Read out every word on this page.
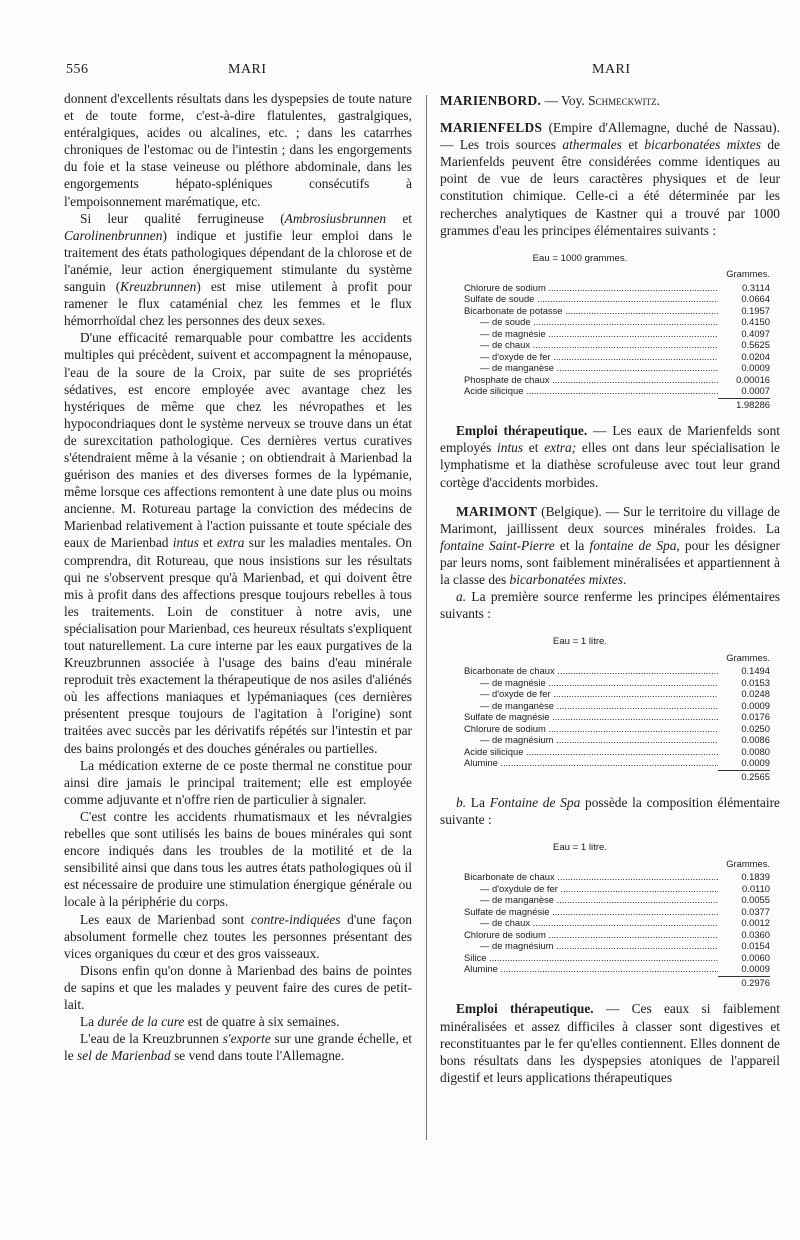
556	MARI	MARI

donnent d'excellents résultats dans les dyspepsies de toute nature et de toute forme, c'est-à-dire flatulentes, gastralgiques, entéralgiques, acides ou alcalines, etc. ; dans les catarrhes chroniques de l'estomac ou de l'intestin ; dans les engorgements du foie et la stase veineuse ou pléthore abdominale, dans les engorgements hépato-spléniques consécutifs à l'empoisonnement marématique, etc.

Si leur qualité ferrugineuse (Ambrosiusbrunnen et Carolinenbrunnen) indique et justifie leur emploi dans le traitement des états pathologiques dépendant de la chlorose et de l'anémie, leur action énergiquement stimulante du système sanguin (Kreuzbrunnen) est mise utilement à profit pour ramener le flux cataménial chez les femmes et le flux hémorrhoïdal chez les personnes des deux sexes.

D'une efficacité remarquable pour combattre les accidents multiples qui précèdent, suivent et accompagnent la ménopause, l'eau de la soure de la Croix, par suite de ses propriétés sédatives, est encore employée avec avantage chez les hystériques de même que chez les névropathes et les hypocondriaques dont le système nerveux se trouve dans un état de surexcitation pathologique. Ces dernières vertus curatives s'étendraient même à la vésanie ; on obtiendrait à Marienbad la guérison des manies et des diverses formes de la lypémanie, même lorsque ces affections remontent à une date plus ou moins ancienne. M. Rotureau partage la conviction des médecins de Marienbad relativement à l'action puissante et toute spéciale des eaux de Marienbad intus et extra sur les maladies mentales. On comprendra, dit Rotureau, que nous insistions sur les résultats qui ne s'observent presque qu'à Marienbad, et qui doivent être mis à profit dans des affections presque toujours rebelles à tous les traitements. Loin de constituer à notre avis, une spécialisation pour Marienbad, ces heureux résultats s'expliquent tout naturellement. La cure interne par les eaux purgatives de la Kreuzbrunnen associée à l'usage des bains d'eau minérale reproduit très exactement la thérapeutique de nos asiles d'aliénés où les affections maniaques et lypémaniaques (ces dernières présentent presque toujours de l'agitation à l'origine) sont traitées avec succès par les dérivatifs répétés sur l'intestin et par des bains prolongés et des douches générales ou partielles.

La médication externe de ce poste thermal ne constitue pour ainsi dire jamais le principal traitement; elle est employée comme adjuvante et n'offre rien de particulier à signaler.

C'est contre les accidents rhumatismaux et les névralgies rebelles que sont utilisés les bains de boues minérales qui sont encore indiqués dans les troubles de la motilité et de la sensibilité ainsi que dans tous les autres états pathologiques où il est nécessaire de produire une stimulation énergique générale ou locale à la périphérie du corps.

Les eaux de Marienbad sont contre-indiquées d'une façon absolument formelle chez toutes les personnes présentant des vices organiques du cœur et des gros vaisseaux.

Disons enfin qu'on donne à Marienbad des bains de pointes de sapins et que les malades y peuvent faire des cures de petit-lait.

La durée de la cure est de quatre à six semaines.

L'eau de la Kreuzbrunnen s'exporte sur une grande échelle, et le sel de Marienbad se vend dans toute l'Allemagne.

MARIENBORD. — Voy. Schmeckwitz.

MARIENFELDS (Empire d'Allemagne, duché de Nassau). — Les trois sources athermales et bicarbonatées mixtes de Marienfelds peuvent être considérées comme identiques au point de vue de leurs caractères physiques et de leur constitution chimique. Celle-ci a été déterminée par les recherches analytiques de Kastner qui a trouvé par 1000 grammes d'eau les principes élémentaires suivants :

Eau = 1000 grammes.
Grammes.
Chlorure de sodium .....	0.3114
Sulfate de soude .....	0.0664
Bicarbonate de potasse .....	0.1957
— de soude .....	0.4150
— de magnésie .....	0.4097
— de chaux .....	0.5625
— d'oxyde de fer .....	0.0204
— de manganèse .....	0.0009
Phosphate de chaux .....	0.00016
Acide silicique .....	0.0007
1.98286

Emploi thérapeutique. — Les eaux de Marienfelds sont employés intus et extra; elles ont dans leur spécialisation le lymphatisme et la diathèse scrofuleuse avec tout leur grand cortège d'accidents morbides.

MARIMONT (Belgique). — Sur le territoire du village de Marimont, jaillissent deux sources minérales froides. La fontaine Saint-Pierre et la fontaine de Spa, pour les désigner par leurs noms, sont faiblement minéralisées et appartiennent à la classe des bicarbonatées mixtes.

a. La première source renferme les principes élémentaires suivants :

Eau = 1 litre.
Grammes.
Bicarbonate de chaux .....	0.1494
— de magnésie .....	0.0153
— d'oxyde de fer .....	0.0248
— de manganèse .....	0.0009
Sulfate de magnésie .....	0.0176
Chlorure de sodium .....	0.0250
— de magnésium .....	0.0086
Acide silicique .....	0.0080
Alumine .....	0.0009
0.2565

b. La Fontaine de Spa possède la composition élémentaire suivante :

Eau = 1 litre.
Grammes.
Bicarbonate de chaux .....	0.1839
— d'oxydule de fer .....	0.0110
— de manganèse .....	0.0055
Sulfate de magnésie .....	0.0377
— de chaux .....	0.0012
Chlorure de sodium .....	0.0360
— de magnésium .....	0.0154
Silice .....	0.0060
Alumine .....	0.0009
0.2976

Emploi thérapeutique. — Ces eaux si faiblement minéralisées et assez difficiles à classer sont digestives et reconstituantes par le fer qu'elles contiennent. Elles donnent de bons résultats dans les dyspepsies atoniques de l'appareil digestif et leurs applications thérapeutiques
